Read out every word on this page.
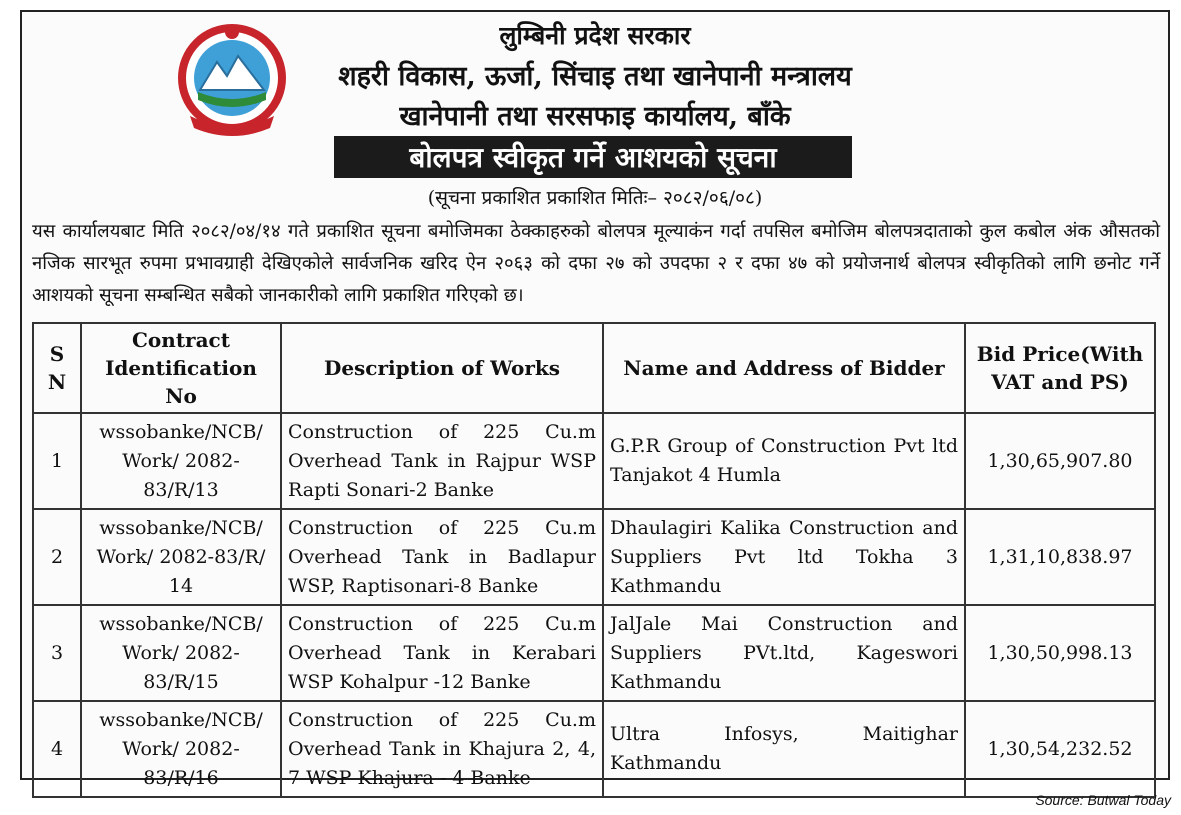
लुम्बिनी प्रदेश सरकार
शहरी विकास, ऊर्जा, सिंचाइ तथा खानेपानी मन्त्रालय
खानेपानी तथा सरसफाइ कार्यालय, बाँके
बोलपत्र स्वीकृत गर्ने आशयको सूचना
(सूचना प्रकाशित प्रकाशित मितिः– २०८२/०६/०८)

यस कार्यालयबाट मिति २०८२/०४/१४ गते प्रकाशित सूचना बमोजिमका ठेक्काहरुको बोलपत्र मूल्याकंन गर्दा तपसिल बमोजिम बोलपत्रदाताको कुल कबोल अंक औसतको नजिक सारभूत रुपमा प्रभावग्राही देखिएकोले सार्वजनिक खरिद ऐन २०६३ को दफा २७ को उपदफा २ र दफा ४७ को प्रयोजनार्थ बोलपत्र स्वीकृतिको लागि छनोट गर्ने आशयको सूचना सम्बन्धित सबैको जानकारीको लागि प्रकाशित गरिएको छ।

S N	Contract Identification No	Description of Works	Name and Address of Bidder	Bid Price(With VAT and PS)
1	wssobanke/NCB/ Work/ 2082-83/R/13	Construction of 225 Cu.m Overhead Tank in Rajpur WSP Rapti Sonari-2 Banke	G.P.R Group of Construction Pvt ltd Tanjakot 4 Humla	1,30,65,907.80
2	wssobanke/NCB/ Work/ 2082-83/R/ 14	Construction of 225 Cu.m Overhead Tank in Badlapur WSP, Raptisonari-8 Banke	Dhaulagiri Kalika Construction and Suppliers Pvt ltd Tokha 3 Kathmandu	1,31,10,838.97
3	wssobanke/NCB/ Work/ 2082-83/R/15	Construction of 225 Cu.m Overhead Tank in Kerabari WSP Kohalpur -12 Banke	JalJale Mai Construction and Suppliers PVt.ltd, Kageswori Kathmandu	1,30,50,998.13
4	wssobanke/NCB/ Work/ 2082-83/R/16	Construction of 225 Cu.m Overhead Tank in Khajura 2, 4, 7 WSP Khajura - 4 Banke	Ultra Infosys, Maitighar Kathmandu	1,30,54,232.52
Source: Butwal Today
